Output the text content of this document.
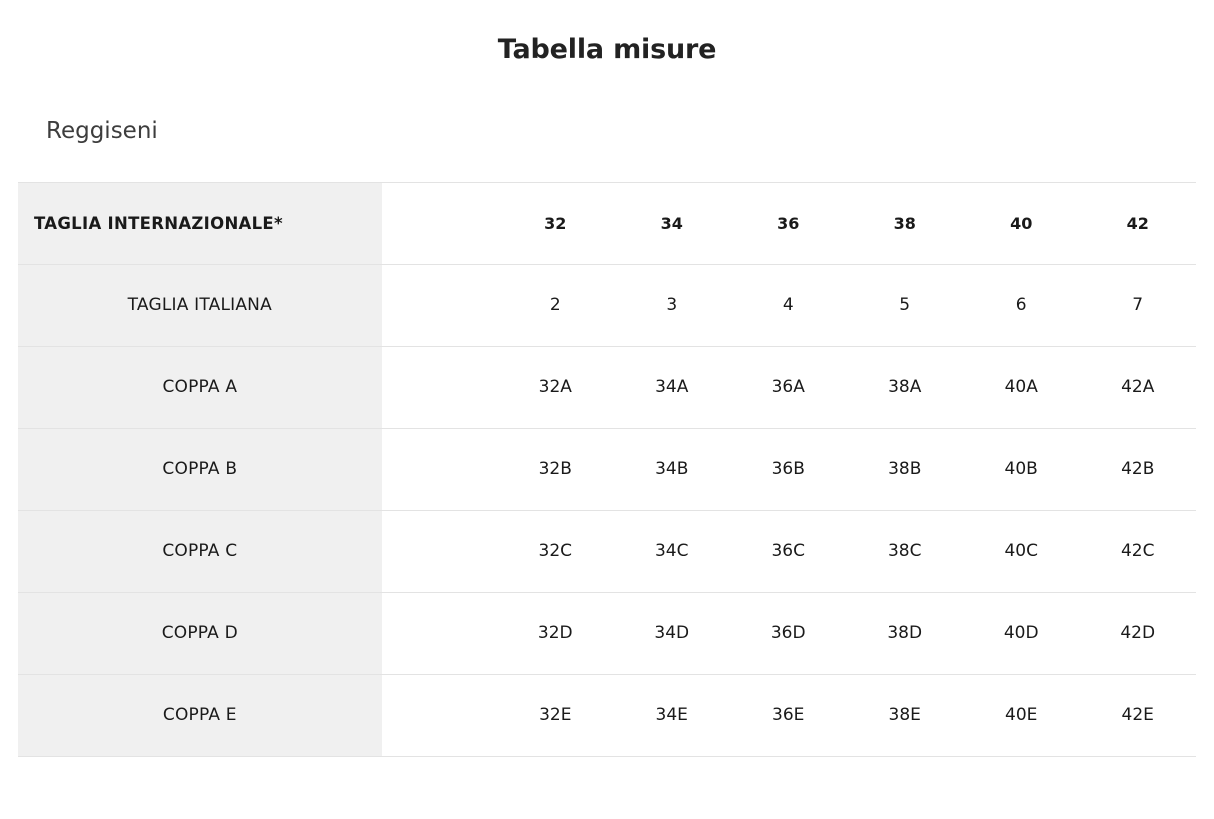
Tabella misure
Reggiseni
TAGLIA INTERNAZIONALE*		32	34	36	38	40	42
TAGLIA ITALIANA		2	3	4	5	6	7
COPPA A		32A	34A	36A	38A	40A	42A
COPPA B		32B	34B	36B	38B	40B	42B
COPPA C		32C	34C	36C	38C	40C	42C
COPPA D		32D	34D	36D	38D	40D	42D
COPPA E		32E	34E	36E	38E	40E	42E
